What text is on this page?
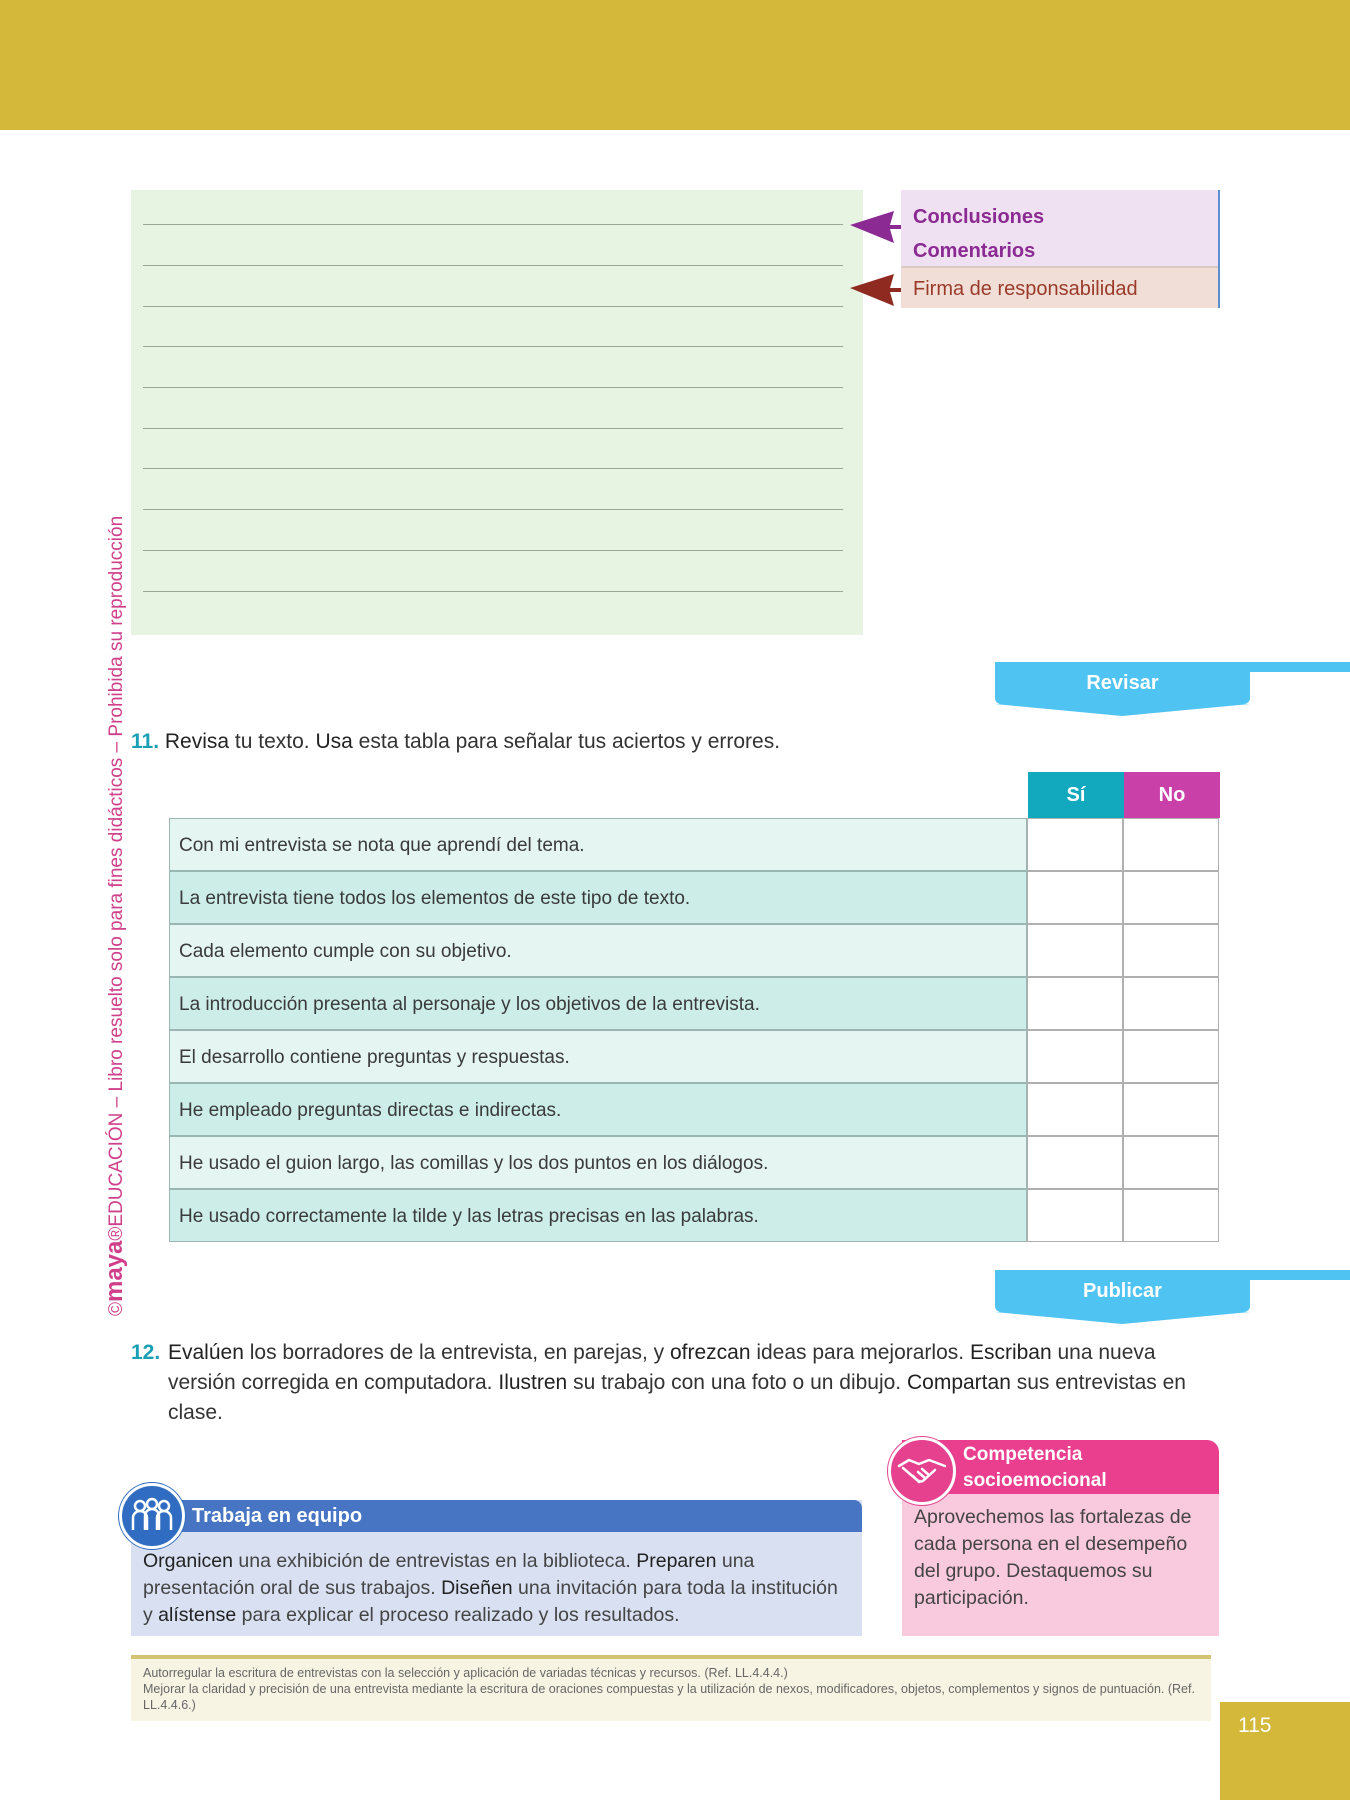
©maya®EDUCACIÓN – Libro resuelto solo para fines didácticos – Prohibida su reproducción
Conclusiones
Comentarios
Firma de responsabilidad
Revisar
11. Revisa tu texto. Usa esta tabla para señalar tus aciertos y errores.
Sí	No
Con mi entrevista se nota que aprendí del tema.
La entrevista tiene todos los elementos de este tipo de texto.
Cada elemento cumple con su objetivo.
La introducción presenta al personaje y los objetivos de la entrevista.
El desarrollo contiene preguntas y respuestas.
He empleado preguntas directas e indirectas.
He usado el guion largo, las comillas y los dos puntos en los diálogos.
He usado correctamente la tilde y las letras precisas en las palabras.
Publicar
12. Evalúen los borradores de la entrevista, en parejas, y ofrezcan ideas para mejorarlos. Escriban una nueva versión corregida en computadora. Ilustren su trabajo con una foto o un dibujo. Compartan sus entrevistas en clase.
Trabaja en equipo
Organicen una exhibición de entrevistas en la biblioteca. Preparen una presentación oral de sus trabajos. Diseñen una invitación para toda la institución y alístense para explicar el proceso realizado y los resultados.
Competencia
socioemocional
Aprovechemos las fortalezas de cada persona en el desempeño del grupo. Destaquemos su participación.
Autorregular la escritura de entrevistas con la selección y aplicación de variadas técnicas y recursos. (Ref. LL.4.4.4.)
Mejorar la claridad y precisión de una entrevista mediante la escritura de oraciones compuestas y la utilización de nexos, modificadores, objetos, complementos y signos de puntuación. (Ref. LL.4.4.6.)
115
